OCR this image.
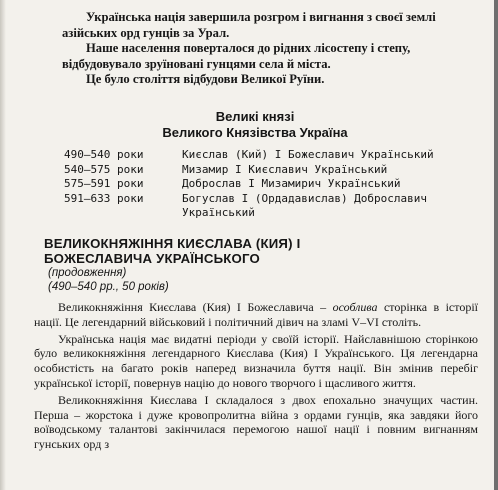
Українська нація завершила розгром і вигнання з своєї землі азійських орд гунців за Урал.

Наше населення поверталося до рідних лісостепу і степу, відбудовувало зруїновані гунцями села й міста.

Це було століття відбудови Великої Руїни.

Великі князі
Великого Князівства Україна
490–540 роки	Києслав (Кий) І Божеславич Український
540–575 роки	Мизамир І Києславич Український
575–591 роки	Доброслав І Мизамирич Український
591–633 роки	Богуслав І (Ордадавислав) Доброславич Український
ВЕЛИКОКНЯЖІННЯ КИЄСЛАВА (КИЯ) І
БОЖЕСЛАВИЧА УКРАЇНСЬКОГО
(продовження)
(490–540 рр., 50 років)

Великокняжіння Києслава (Кия) І Божеславича – особлива сторінка в історії нації. Це легендарний військовий і політичний дівич на зламі V–VI століть.

Українська нація має видатні періоди у своїй історії. Найславнішою сторінкою було великокняжіння легендарного Києслава (Кия) І Українського. Ця легендарна особистість на багато років наперед визначила буття нації. Він змінив перебіг української історії, повернув націю до нового творчого і щасливого життя.

Великокняжіння Києслава І складалося з двох епохально значущих частин. Перша – жорстока і дуже кровопролитна війна з ордами гунців, яка завдяки його воїводському талантові закінчилася перемогою нашої нації і повним вигнанням гунських орд з
